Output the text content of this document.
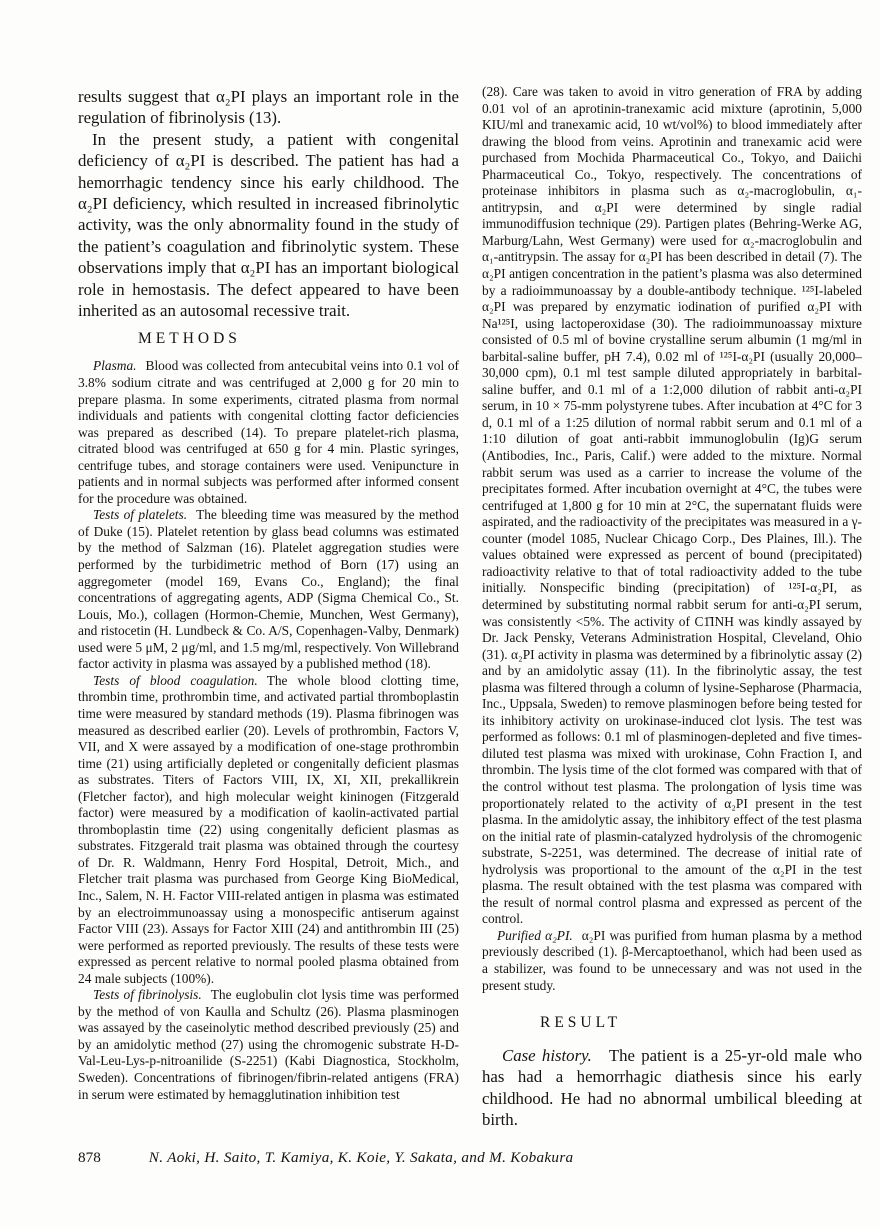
results suggest that α₂PI plays an important role in the regulation of fibrinolysis (13).

In the present study, a patient with congenital deficiency of α₂PI is described. The patient has had a hemorrhagic tendency since his early childhood. The α₂PI deficiency, which resulted in increased fibrinolytic activity, was the only abnormality found in the study of the patient’s coagulation and fibrinolytic system. These observations imply that α₂PI has an important biological role in hemostasis. The defect appeared to have been inherited as an autosomal recessive trait.

METHODS

Plasma. Blood was collected from antecubital veins into 0.1 vol of 3.8% sodium citrate and was centrifuged at 2,000 g for 20 min to prepare plasma. In some experiments, citrated plasma from normal individuals and patients with congenital clotting factor deficiencies was prepared as described (14). To prepare platelet-rich plasma, citrated blood was centrifuged at 650 g for 4 min. Plastic syringes, centrifuge tubes, and storage containers were used. Venipuncture in patients and in normal subjects was performed after informed consent for the procedure was obtained.

Tests of platelets. The bleeding time was measured by the method of Duke (15). Platelet retention by glass bead columns was estimated by the method of Salzman (16). Platelet aggregation studies were performed by the turbidimetric method of Born (17) using an aggregometer (model 169, Evans Co., England); the final concentrations of aggregating agents, ADP (Sigma Chemical Co., St. Louis, Mo.), collagen (Hormon-Chemie, Munchen, West Germany), and ristocetin (H. Lundbeck & Co. A/S, Copenhagen-Valby, Denmark) used were 5 μM, 2 μg/ml, and 1.5 mg/ml, respectively. Von Willebrand factor activity in plasma was assayed by a published method (18).

Tests of blood coagulation. The whole blood clotting time, thrombin time, prothrombin time, and activated partial thromboplastin time were measured by standard methods (19). Plasma fibrinogen was measured as described earlier (20). Levels of prothrombin, Factors V, VII, and X were assayed by a modification of one-stage prothrombin time (21) using artificially depleted or congenitally deficient plasmas as substrates. Titers of Factors VIII, IX, XI, XII, prekallikrein (Fletcher factor), and high molecular weight kininogen (Fitzgerald factor) were measured by a modification of kaolin-activated partial thromboplastin time (22) using congenitally deficient plasmas as substrates. Fitzgerald trait plasma was obtained through the courtesy of Dr. R. Waldmann, Henry Ford Hospital, Detroit, Mich., and Fletcher trait plasma was purchased from George King BioMedical, Inc., Salem, N. H. Factor VIII-related antigen in plasma was estimated by an electroimmunoassay using a monospecific antiserum against Factor VIII (23). Assays for Factor XIII (24) and antithrombin III (25) were performed as reported previously. The results of these tests were expressed as percent relative to normal pooled plasma obtained from 24 male subjects (100%).

Tests of fibrinolysis. The euglobulin clot lysis time was performed by the method of von Kaulla and Schultz (26). Plasma plasminogen was assayed by the caseinolytic method described previously (25) and by an amidolytic method (27) using the chromogenic substrate H-D-Val-Leu-Lys-p-nitroanilide (S-2251) (Kabi Diagnostica, Stockholm, Sweden). Concentrations of fibrinogen/fibrin-related antigens (FRA) in serum were estimated by hemagglutination inhibition test

(28). Care was taken to avoid in vitro generation of FRA by adding 0.01 vol of an aprotinin-tranexamic acid mixture (aprotinin, 5,000 KIU/ml and tranexamic acid, 10 wt/vol%) to blood immediately after drawing the blood from veins. Aprotinin and tranexamic acid were purchased from Mochida Pharmaceutical Co., Tokyo, and Daiichi Pharmaceutical Co., Tokyo, respectively. The concentrations of proteinase inhibitors in plasma such as α₂-macroglobulin, α₁-antitrypsin, and α₂PI were determined by single radial immunodiffusion technique (29). Partigen plates (Behring-Werke AG, Marburg/Lahn, West Germany) were used for α₂-macroglobulin and α₁-antitrypsin. The assay for α₂PI has been described in detail (7). The α₂PI antigen concentration in the patient’s plasma was also determined by a radioimmunoassay by a double-antibody technique. ¹²⁵I-labeled α₂PI was prepared by enzymatic iodination of purified α₂PI with Na¹²⁵I, using lactoperoxidase (30). The radioimmunoassay mixture consisted of 0.5 ml of bovine crystalline serum albumin (1 mg/ml in barbital-saline buffer, pH 7.4), 0.02 ml of ¹²⁵I-α₂PI (usually 20,000–30,000 cpm), 0.1 ml test sample diluted appropriately in barbital-saline buffer, and 0.1 ml of a 1:2,000 dilution of rabbit anti-α₂PI serum, in 10 × 75-mm polystyrene tubes. After incubation at 4°C for 3 d, 0.1 ml of a 1:25 dilution of normal rabbit serum and 0.1 ml of a 1:10 dilution of goat anti-rabbit immunoglobulin (Ig)G serum (Antibodies, Inc., Paris, Calif.) were added to the mixture. Normal rabbit serum was used as a carrier to increase the volume of the precipitates formed. After incubation overnight at 4°C, the tubes were centrifuged at 1,800 g for 10 min at 2°C, the supernatant fluids were aspirated, and the radioactivity of the precipitates was measured in a γ-counter (model 1085, Nuclear Chicago Corp., Des Plaines, Ill.). The values obtained were expressed as percent of bound (precipitated) radioactivity relative to that of total radioactivity added to the tube initially. Nonspecific binding (precipitation) of ¹²⁵I-α₂PI, as determined by substituting normal rabbit serum for anti-α₂PI serum, was consistently <5%. The activity of C1̄INH was kindly assayed by Dr. Jack Pensky, Veterans Administration Hospital, Cleveland, Ohio (31). α₂PI activity in plasma was determined by a fibrinolytic assay (2) and by an amidolytic assay (11). In the fibrinolytic assay, the test plasma was filtered through a column of lysine-Sepharose (Pharmacia, Inc., Uppsala, Sweden) to remove plasminogen before being tested for its inhibitory activity on urokinase-induced clot lysis. The test was performed as follows: 0.1 ml of plasminogen-depleted and five times-diluted test plasma was mixed with urokinase, Cohn Fraction I, and thrombin. The lysis time of the clot formed was compared with that of the control without test plasma. The prolongation of lysis time was proportionately related to the activity of α₂PI present in the test plasma. In the amidolytic assay, the inhibitory effect of the test plasma on the initial rate of plasmin-catalyzed hydrolysis of the chromogenic substrate, S-2251, was determined. The decrease of initial rate of hydrolysis was proportional to the amount of the α₂PI in the test plasma. The result obtained with the test plasma was compared with the result of normal control plasma and expressed as percent of the control.

Purified α₂PI. α₂PI was purified from human plasma by a method previously described (1). β-Mercaptoethanol, which had been used as a stabilizer, was found to be unnecessary and was not used in the present study.

RESULT

Case history. The patient is a 25-yr-old male who has had a hemorrhagic diathesis since his early childhood. He had no abnormal umbilical bleeding at birth.

878	N. Aoki, H. Saito, T. Kamiya, K. Koie, Y. Sakata, and M. Kobakura
